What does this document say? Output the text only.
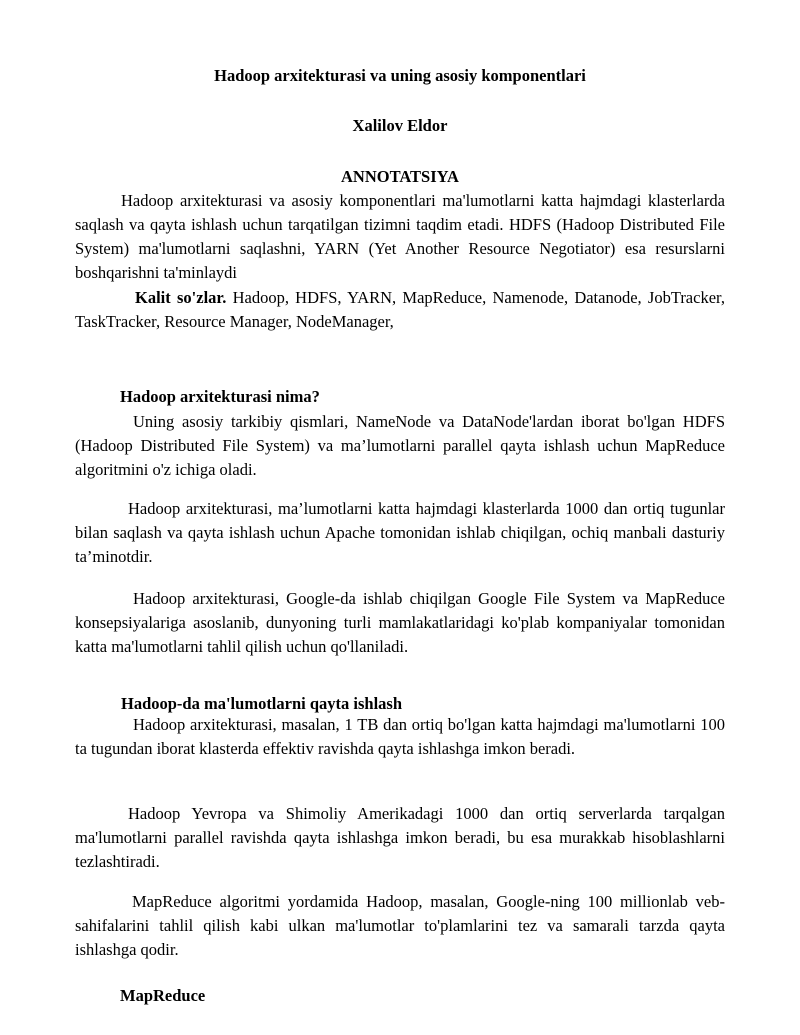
Hadoop arxitekturasi va uning asosiy komponentlari
Xalilov Eldor
ANNOTATSIYA

Hadoop arxitekturasi va asosiy komponentlari ma'lumotlarni katta hajmdagi klasterlarda saqlash va qayta ishlash uchun tarqatilgan tizimni taqdim etadi. HDFS (Hadoop Distributed File System) ma'lumotlarni saqlashni, YARN (Yet Another Resource Negotiator) esa resurslarni boshqarishni ta'minlaydi

Kalit so'zlar. Hadoop, HDFS, YARN, MapReduce, Namenode, Datanode, JobTracker, TaskTracker, Resource Manager, NodeManager,

Hadoop arxitekturasi nima?

Uning asosiy tarkibiy qismlari, NameNode va DataNode'lardan iborat bo'lgan HDFS (Hadoop Distributed File System) va ma’lumotlarni parallel qayta ishlash uchun MapReduce algoritmini o'z ichiga oladi.

Hadoop arxitekturasi, ma’lumotlarni katta hajmdagi klasterlarda 1000 dan ortiq tugunlar bilan saqlash va qayta ishlash uchun Apache tomonidan ishlab chiqilgan, ochiq manbali dasturiy ta’minotdir.

Hadoop arxitekturasi, Google-da ishlab chiqilgan Google File System va MapReduce konsepsiyalariga asoslanib, dunyoning turli mamlakatlaridagi ko'plab kompaniyalar tomonidan katta ma'lumotlarni tahlil qilish uchun qo'llaniladi.

Hadoop-da ma'lumotlarni qayta ishlash

Hadoop arxitekturasi, masalan, 1 TB dan ortiq bo'lgan katta hajmdagi ma'lumotlarni 100 ta tugundan iborat klasterda effektiv ravishda qayta ishlashga imkon beradi.

Hadoop Yevropa va Shimoliy Amerikadagi 1000 dan ortiq serverlarda tarqalgan ma'lumotlarni parallel ravishda qayta ishlashga imkon beradi, bu esa murakkab hisoblashlarni tezlashtiradi.

MapReduce algoritmi yordamida Hadoop, masalan, Google-ning 100 millionlab veb-sahifalarini tahlil qilish kabi ulkan ma'lumotlar to'plamlarini tez va samarali tarzda qayta ishlashga qodir.

MapReduce
